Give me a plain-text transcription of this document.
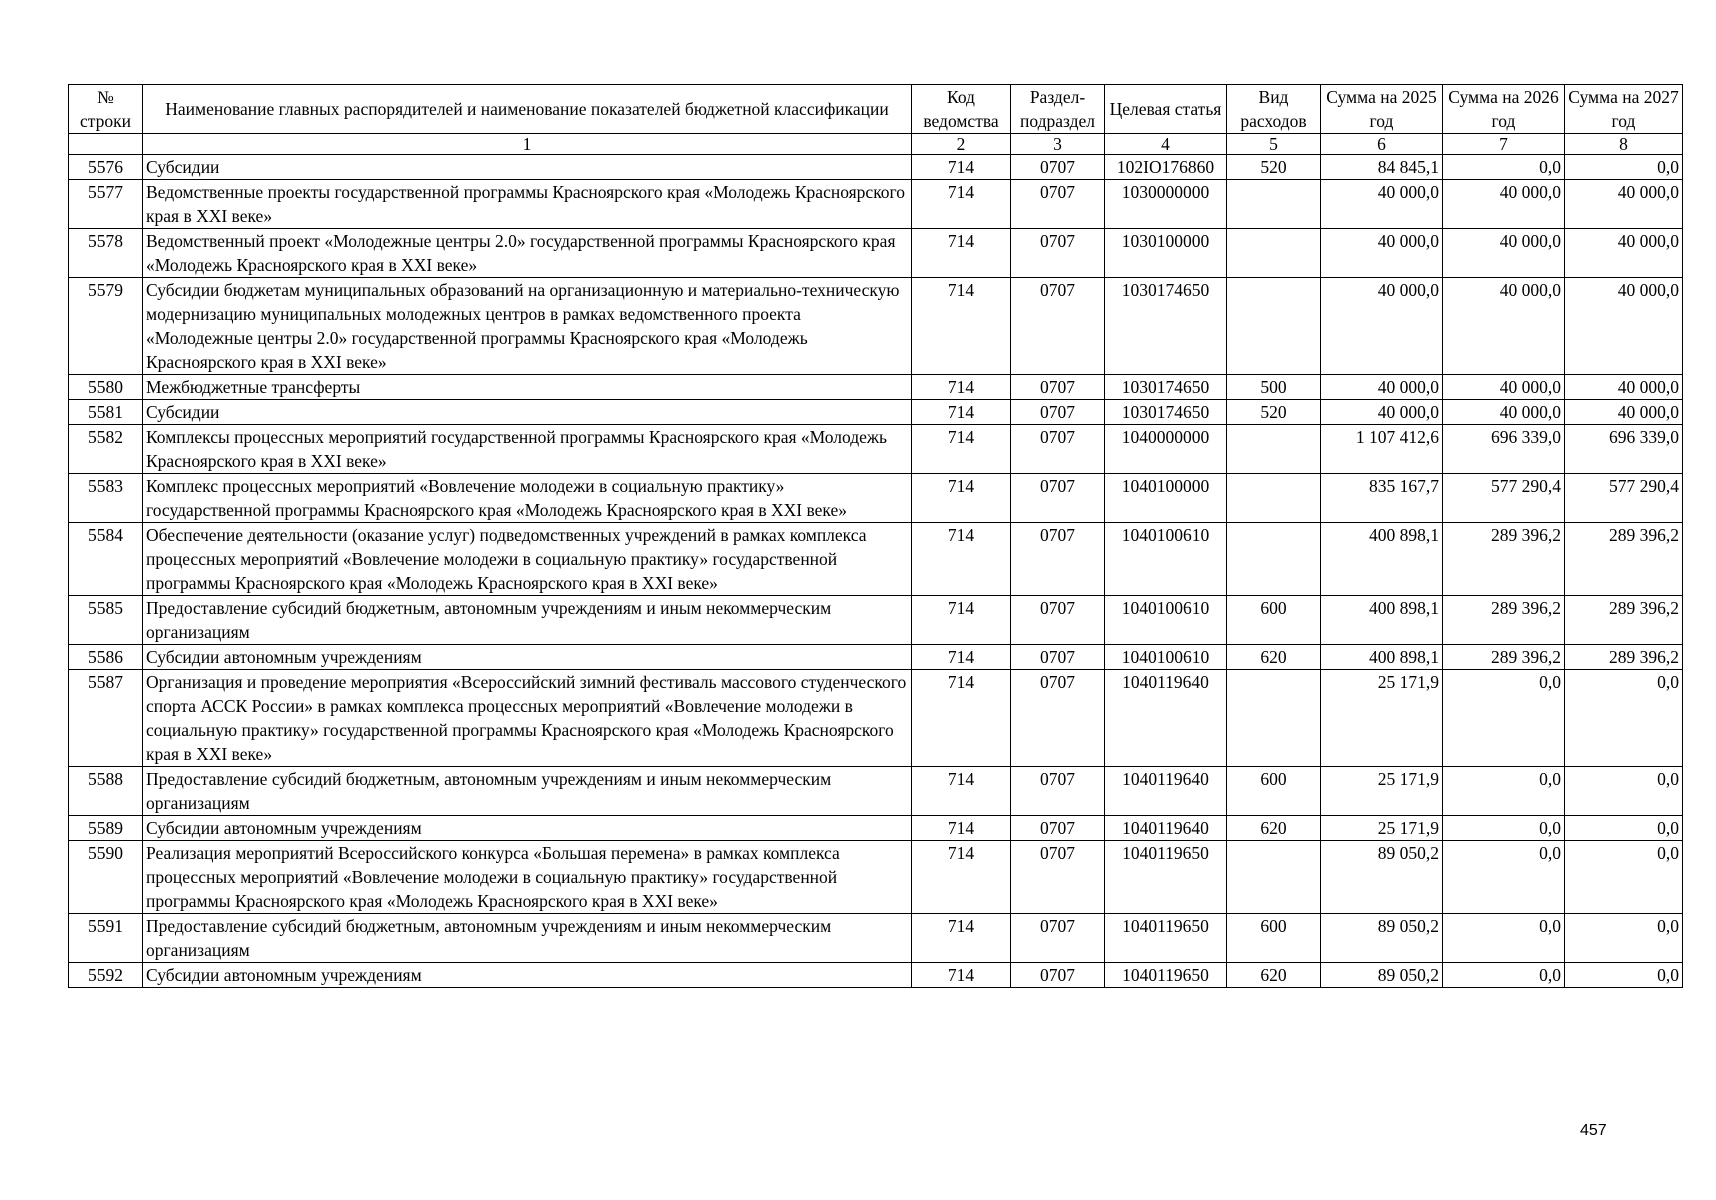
№ строки	Наименование главных распорядителей и наименование показателей бюджетной классификации	Код ведомства	Раздел-подраздел	Целевая статья	Вид расходов	Сумма на 2025 год	Сумма на 2026 год	Сумма на 2027 год
	1	2	3	4	5	6	7	8
5576	Субсидии	714	0707	102IO176860	520	84 845,1	0,0	0,0
5577	Ведомственные проекты государственной программы Красноярского края «Молодежь Красноярского края в XXI веке»	714	0707	1030000000		40 000,0	40 000,0	40 000,0
5578	Ведомственный проект «Молодежные центры 2.0» государственной программы Красноярского края «Молодежь Красноярского края в XXI веке»	714	0707	1030100000		40 000,0	40 000,0	40 000,0
5579	Субсидии бюджетам муниципальных образований на организационную и материально-техническую модернизацию муниципальных молодежных центров в рамках ведомственного проекта «Молодежные центры 2.0» государственной программы Красноярского края «Молодежь Красноярского края в XXI веке»	714	0707	1030174650		40 000,0	40 000,0	40 000,0
5580	Межбюджетные трансферты	714	0707	1030174650	500	40 000,0	40 000,0	40 000,0
5581	Субсидии	714	0707	1030174650	520	40 000,0	40 000,0	40 000,0
5582	Комплексы процессных мероприятий государственной программы Красноярского края «Молодежь Красноярского края в XXI веке»	714	0707	1040000000		1 107 412,6	696 339,0	696 339,0
5583	Комплекс процессных мероприятий «Вовлечение молодежи в социальную практику» государственной программы Красноярского края «Молодежь Красноярского края в XXI веке»	714	0707	1040100000		835 167,7	577 290,4	577 290,4
5584	Обеспечение деятельности (оказание услуг) подведомственных учреждений в рамках комплекса процессных мероприятий «Вовлечение молодежи в социальную практику» государственной программы Красноярского края «Молодежь Красноярского края в XXI веке»	714	0707	1040100610		400 898,1	289 396,2	289 396,2
5585	Предоставление субсидий бюджетным, автономным учреждениям и иным некоммерческим организациям	714	0707	1040100610	600	400 898,1	289 396,2	289 396,2
5586	Субсидии автономным учреждениям	714	0707	1040100610	620	400 898,1	289 396,2	289 396,2
5587	Организация и проведение мероприятия «Всероссийский зимний фестиваль массового студенческого спорта АССК России» в рамках комплекса процессных мероприятий «Вовлечение молодежи в социальную практику» государственной программы Красноярского края «Молодежь Красноярского края в XXI веке»	714	0707	1040119640		25 171,9	0,0	0,0
5588	Предоставление субсидий бюджетным, автономным учреждениям и иным некоммерческим организациям	714	0707	1040119640	600	25 171,9	0,0	0,0
5589	Субсидии автономным учреждениям	714	0707	1040119640	620	25 171,9	0,0	0,0
5590	Реализация мероприятий Всероссийского конкурса «Большая перемена» в рамках комплекса процессных мероприятий «Вовлечение молодежи в социальную практику» государственной программы Красноярского края «Молодежь Красноярского края в XXI веке»	714	0707	1040119650		89 050,2	0,0	0,0
5591	Предоставление субсидий бюджетным, автономным учреждениям и иным некоммерческим организациям	714	0707	1040119650	600	89 050,2	0,0	0,0
5592	Субсидии автономным учреждениям	714	0707	1040119650	620	89 050,2	0,0	0,0
457
